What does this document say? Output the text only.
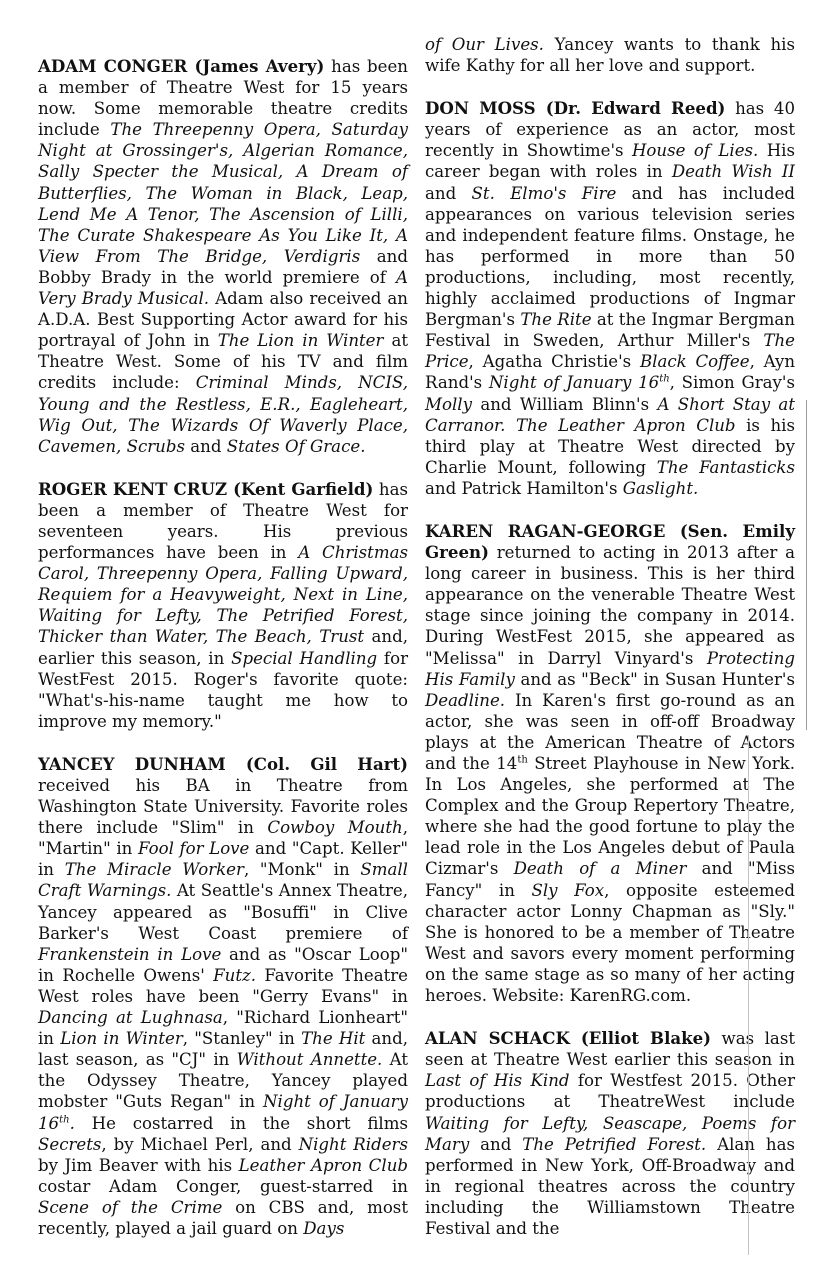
ADAM CONGER (James Avery) has been a member of Theatre West for 15 years now. Some memorable theatre credits include The Threepenny Opera, Saturday Night at Grossinger's, Algerian Romance, Sally Specter the Musical, A Dream of Butterflies, The Woman in Black, Leap, Lend Me A Tenor, The Ascension of Lilli, The Curate Shakespeare As You Like It, A View From The Bridge, Verdigris and Bobby Brady in the world premiere of A Very Brady Musical. Adam also received an A.D.A. Best Supporting Actor award for his portrayal of John in The Lion in Winter at Theatre West. Some of his TV and film credits include: Criminal Minds, NCIS, Young and the Restless, E.R., Eagleheart, Wig Out, The Wizards Of Waverly Place, Cavemen, Scrubs and States Of Grace.

ROGER KENT CRUZ (Kent Garfield) has been a member of Theatre West for seventeen years. His previous performances have been in A Christmas Carol, Threepenny Opera, Falling Upward, Requiem for a Heavyweight, Next in Line, Waiting for Lefty, The Petrified Forest, Thicker than Water, The Beach, Trust and, earlier this season, in Special Handling for WestFest 2015. Roger's favorite quote: "What's-his-name taught me how to improve my memory."

YANCEY DUNHAM (Col. Gil Hart) received his BA in Theatre from Washington State University. Favorite roles there include "Slim" in Cowboy Mouth, "Martin" in Fool for Love and "Capt. Keller" in The Miracle Worker, "Monk" in Small Craft Warnings. At Seattle's Annex Theatre, Yancey appeared as "Bosuffi" in Clive Barker's West Coast premiere of Frankenstein in Love and as "Oscar Loop" in Rochelle Owens' Futz. Favorite Theatre West roles have been "Gerry Evans" in Dancing at Lughnasa, "Richard Lionheart" in Lion in Winter, "Stanley" in The Hit and, last season, as "CJ" in Without Annette. At the Odyssey Theatre, Yancey played mobster "Guts Regan" in Night of January 16th. He costarred in the short films Secrets, by Michael Perl, and Night Riders by Jim Beaver with his Leather Apron Club costar Adam Conger, guest-starred in Scene of the Crime on CBS and, most recently, played a jail guard on Days

of Our Lives. Yancey wants to thank his wife Kathy for all her love and support.

DON MOSS (Dr. Edward Reed) has 40 years of experience as an actor, most recently in Showtime's House of Lies. His career began with roles in Death Wish II and St. Elmo's Fire and has included appearances on various television series and independent feature films. Onstage, he has performed in more than 50 productions, including, most recently, highly acclaimed productions of Ingmar Bergman's The Rite at the Ingmar Bergman Festival in Sweden, Arthur Miller's The Price, Agatha Christie's Black Coffee, Ayn Rand's Night of January 16th, Simon Gray's Molly and William Blinn's A Short Stay at Carranor. The Leather Apron Club is his third play at Theatre West directed by Charlie Mount, following The Fantasticks and Patrick Hamilton's Gaslight.

KAREN RAGAN-GEORGE (Sen. Emily Green) returned to acting in 2013 after a long career in business. This is her third appearance on the venerable Theatre West stage since joining the company in 2014. During WestFest 2015, she appeared as "Melissa" in Darryl Vinyard's Protecting His Family and as "Beck" in Susan Hunter's Deadline. In Karen's first go-round as an actor, she was seen in off-off Broadway plays at the American Theatre of Actors and the 14th Street Playhouse in New York. In Los Angeles, she performed at The Complex and the Group Repertory Theatre, where she had the good fortune to play the lead role in the Los Angeles debut of Paula Cizmar's Death of a Miner and "Miss Fancy" in Sly Fox, opposite esteemed character actor Lonny Chapman as "Sly." She is honored to be a member of Theatre West and savors every moment performing on the same stage as so many of her acting heroes. Website: KarenRG.com.

ALAN SCHACK (Elliot Blake) was last seen at Theatre West earlier this season in Last of His Kind for Westfest 2015. Other productions at TheatreWest include Waiting for Lefty, Seascape, Poems for Mary and The Petrified Forest. Alan has performed in New York, Off-Broadway and in regional theatres across the country including the Williamstown Theatre Festival and the
